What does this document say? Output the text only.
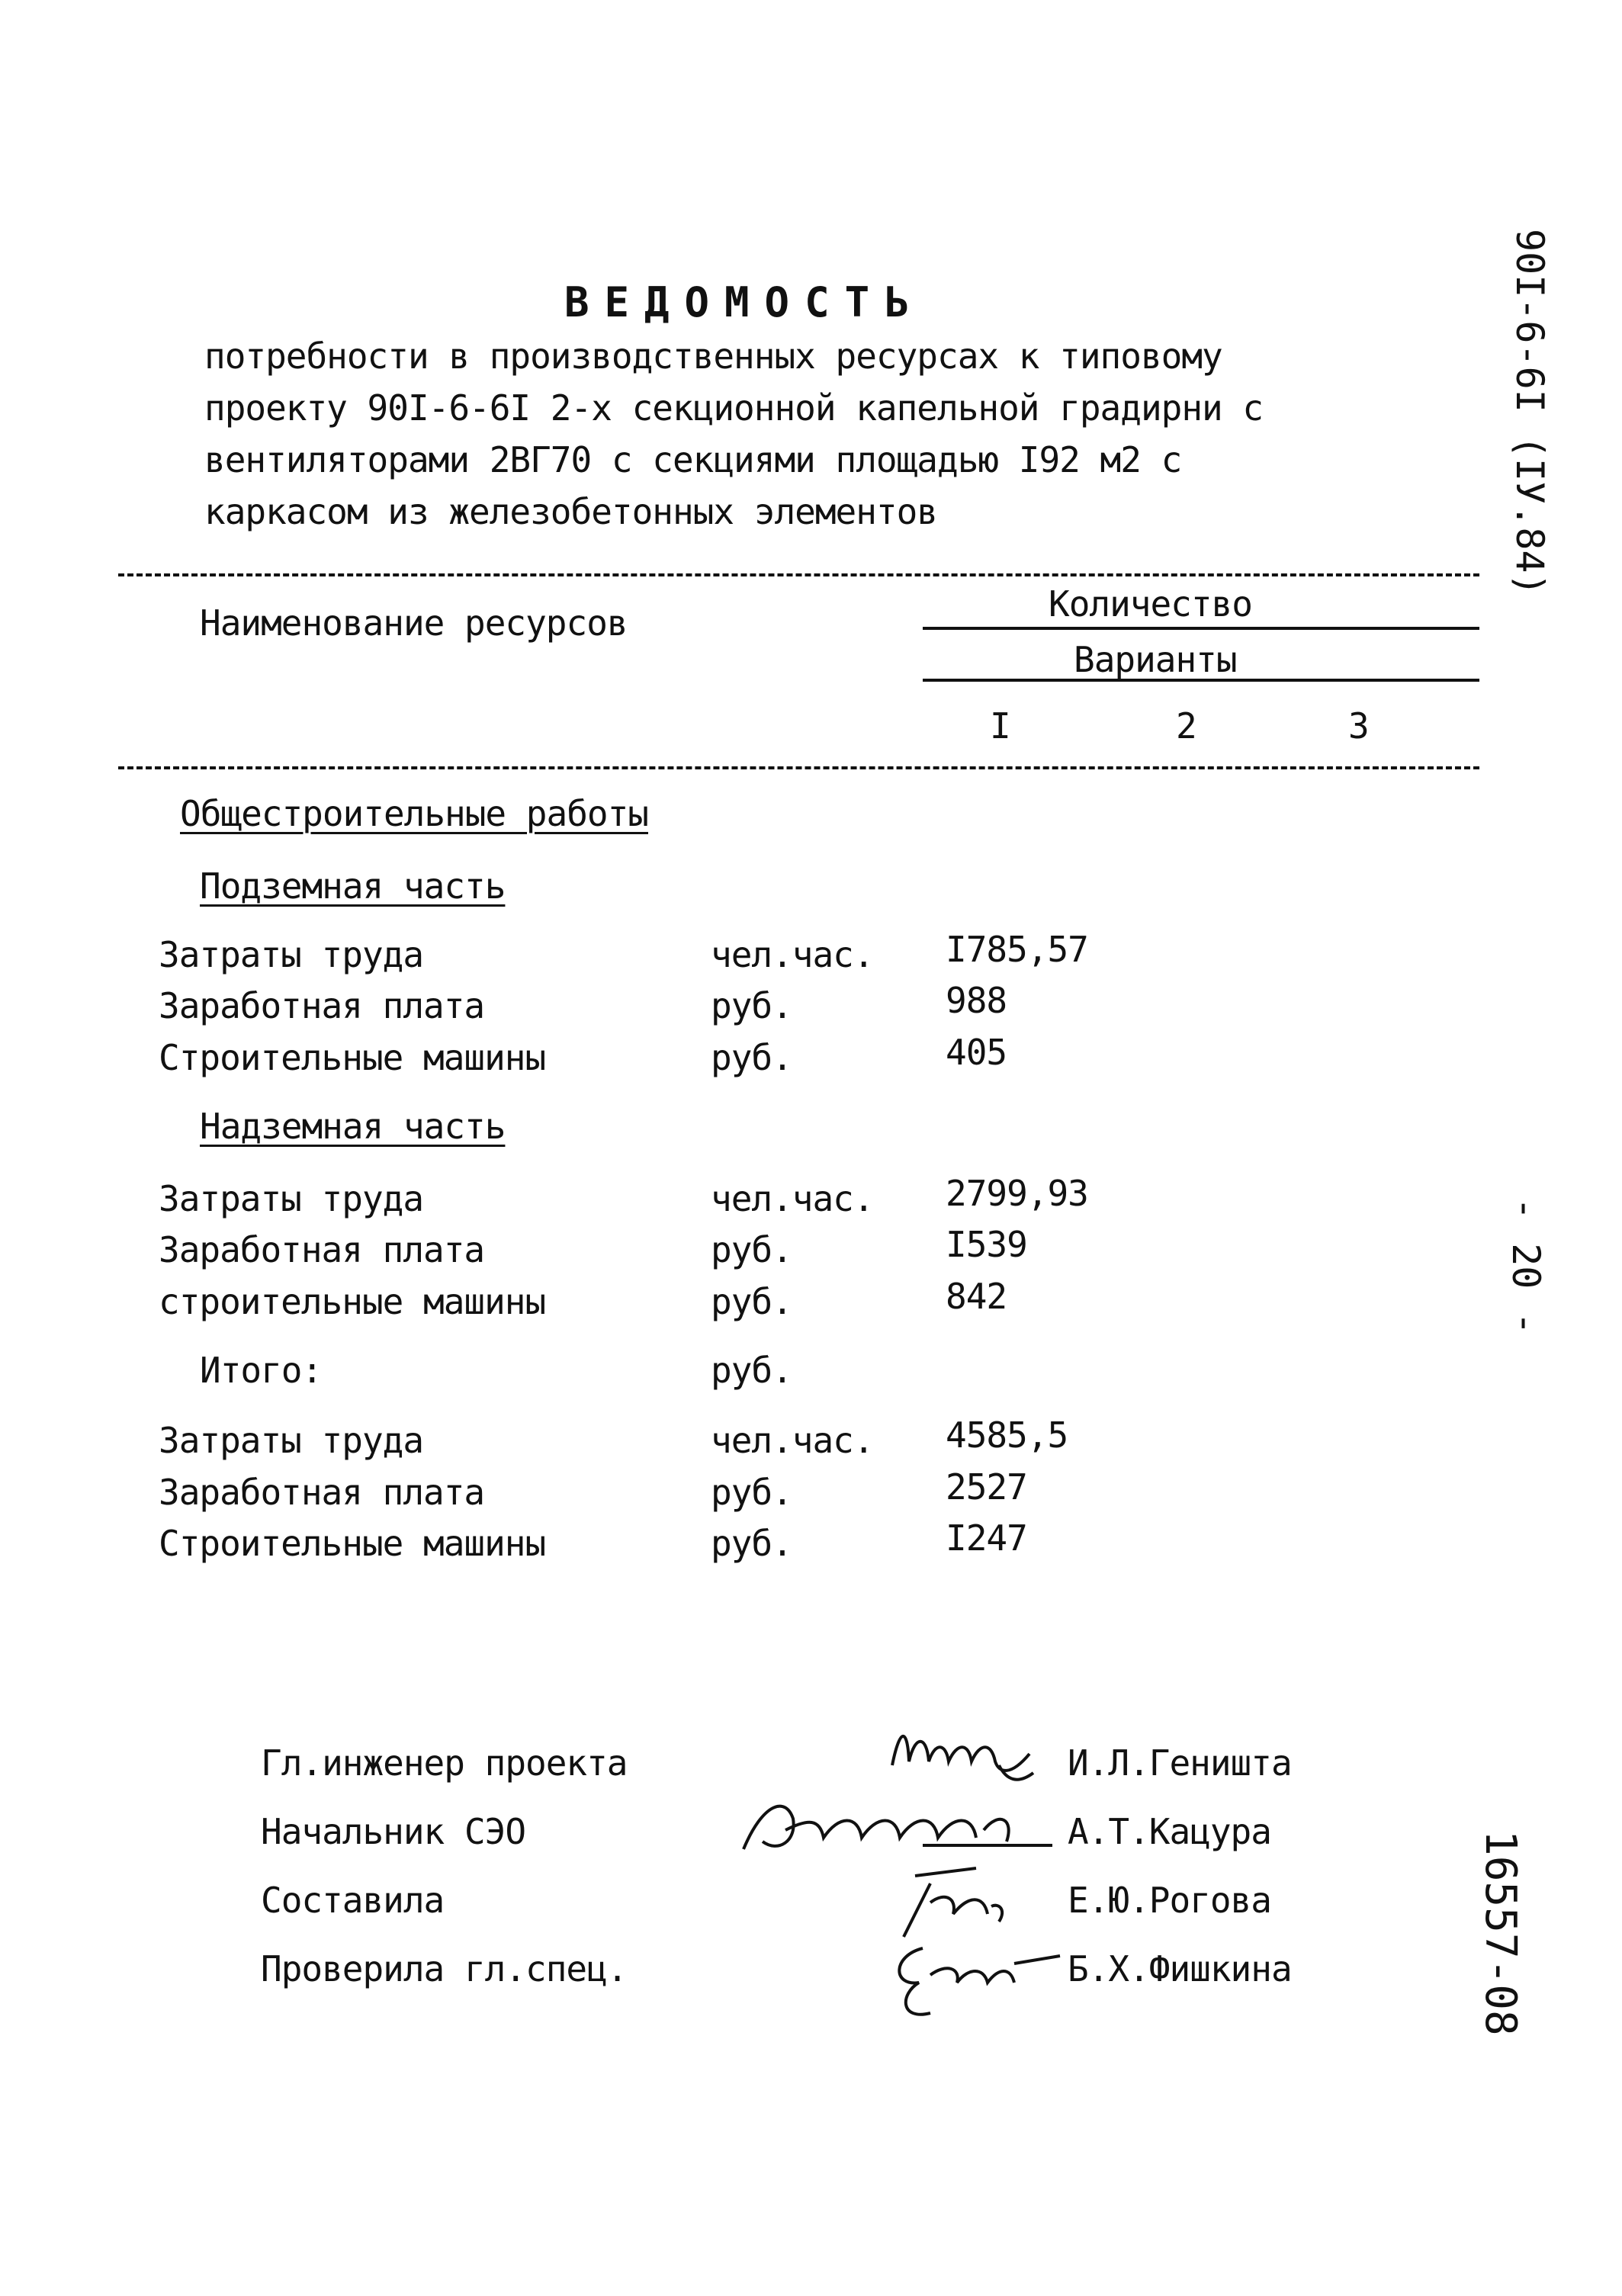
ВЕДОМОСТЬ
потребности в производственных ресурсах к типовому
проекту 90I-6-6I 2-х секционной капельной градирни с
вентиляторами 2ВГ70 с секциями площадью I92 м2 с
каркасом из железобетонных элементов
Наименование ресурсов	Количество
Варианты
I	2	3
Общестроительные работы
Подземная часть
Затраты труда	чел.час. I785,57
Заработная плата	руб.	988
Строительные машины	руб.	405
Надземная часть
Затраты труда	чел.час. 2799,93
Заработная плата	руб.	I539
строительные машины	руб.	842
Итого:	руб.
Затраты труда	чел.час. 4585,5
Заработная плата	руб.	2527
Строительные машины	руб.	I247
Гл.инженер проекта	И.Л.Геништа
Начальник СЭО	А.Т.Кацура
Составила	Е.Ю.Рогова
Проверила гл.спец.	Б.Х.Фишкина
90I-6-6I (IУ.84)
- 20 -
16557-08
